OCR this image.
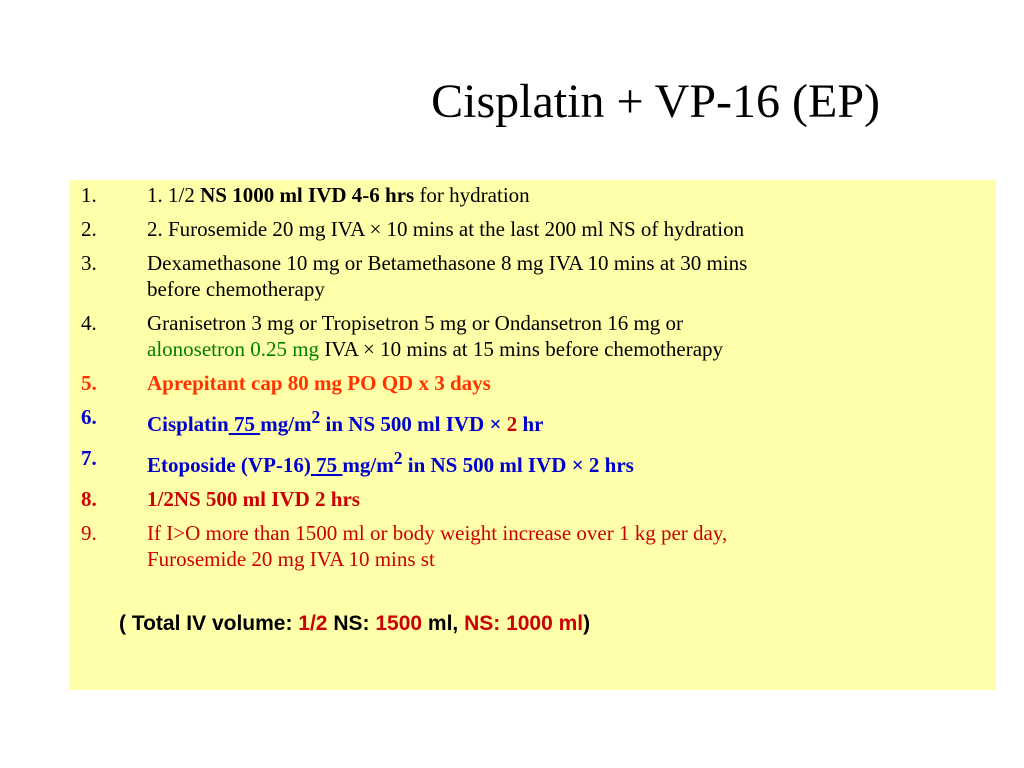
Cisplatin + VP-16 (EP)
1. 1. 1/2 NS 1000 ml IVD 4-6 hrs for hydration
2. 2. Furosemide 20 mg IVA × 10 mins at the last 200 ml NS of hydration
3. Dexamethasone 10 mg or Betamethasone 8 mg IVA 10 mins at 30 mins
before chemotherapy
4. Granisetron 3 mg or Tropisetron 5 mg or Ondansetron 16 mg or
alonosetron 0.25 mg IVA × 10 mins at 15 mins before chemotherapy
5. Aprepitant cap 80 mg PO QD x 3 days
6. Cisplatin 75 $mg/m^2$ in NS 500 ml IVD × 2 hr
7. Etoposide (VP-16) 75 $mg/m^2$ in NS 500 ml IVD × 2 hrs
8. 1/2NS 500 ml IVD 2 hrs
9. If I>O more than 1500 ml or body weight increase over 1 kg per day,
Furosemide 20 mg IVA 10 mins st
( Total IV volume: 1/2 NS: 1500 ml, NS: 1000 ml)
